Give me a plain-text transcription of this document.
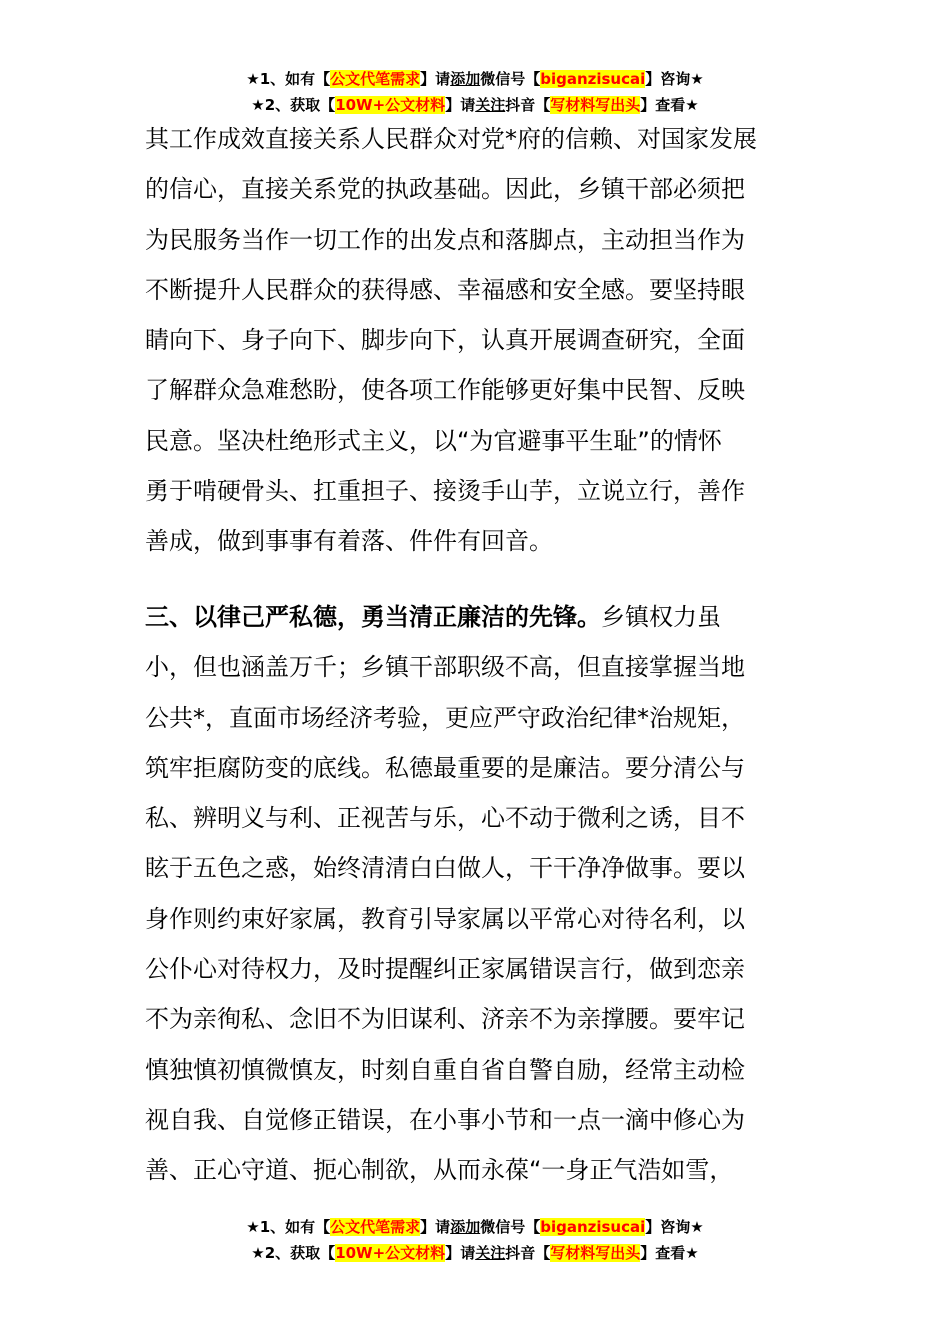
★1、如有【公文代笔需求】请添加微信号【biganzisucai】咨询★
★2、获取【10W+公文材料】请关注抖音【写材料写出头】查看★
其工作成效直接关系人民群众对党*府的信赖、对国家发展
的信心，直接关系党的执政基础。因此，乡镇干部必须把
为民服务当作一切工作的出发点和落脚点，主动担当作为
不断提升人民群众的获得感、幸福感和安全感。要坚持眼
睛向下、身子向下、脚步向下，认真开展调查研究，全面
了解群众急难愁盼，使各项工作能够更好集中民智、反映
民意。坚决杜绝形式主义，以“为官避事平生耻”的情怀
勇于啃硬骨头、扛重担子、接烫手山芋，立说立行，善作
善成，做到事事有着落、件件有回音。
三、以律己严私德，勇当清正廉洁的先锋。乡镇权力虽
小，但也涵盖万千；乡镇干部职级不高，但直接掌握当地
公共*，直面市场经济考验，更应严守政治纪律*治规矩，
筑牢拒腐防变的底线。私德最重要的是廉洁。要分清公与
私、辨明义与利、正视苦与乐，心不动于微利之诱，目不
眩于五色之惑，始终清清白白做人，干干净净做事。要以
身作则约束好家属，教育引导家属以平常心对待名利，以
公仆心对待权力，及时提醒纠正家属错误言行，做到恋亲
不为亲徇私、念旧不为旧谋利、济亲不为亲撑腰。要牢记
慎独慎初慎微慎友，时刻自重自省自警自励，经常主动检
视自我、自觉修正错误，在小事小节和一点一滴中修心为
善、正心守道、扼心制欲，从而永葆“一身正气浩如雪，
★1、如有【公文代笔需求】请添加微信号【biganzisucai】咨询★
★2、获取【10W+公文材料】请关注抖音【写材料写出头】查看★
